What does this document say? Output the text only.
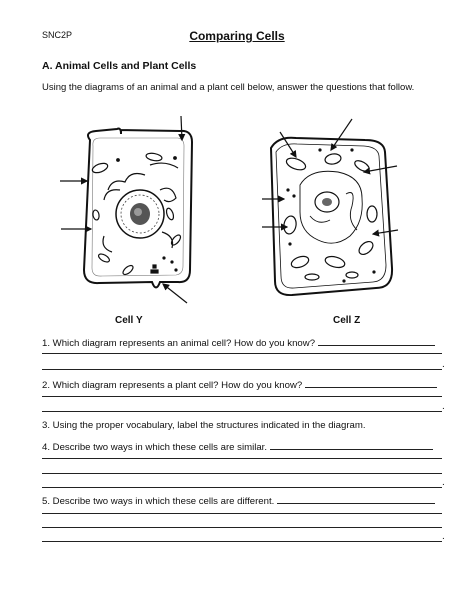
SNC2P	Comparing Cells
A. Animal Cells and Plant Cells
Using the diagrams of an animal and a plant cell below, answer the questions that follow.
Cell Y	Cell Z
1. Which diagram represents an animal cell? How do you know?
.
2. Which diagram represents a plant cell? How do you know?
.
3. Using the proper vocabulary, label the structures indicated in the diagram.
4. Describe two ways in which these cells are similar.
.
5. Describe two ways in which these cells are different.
.
